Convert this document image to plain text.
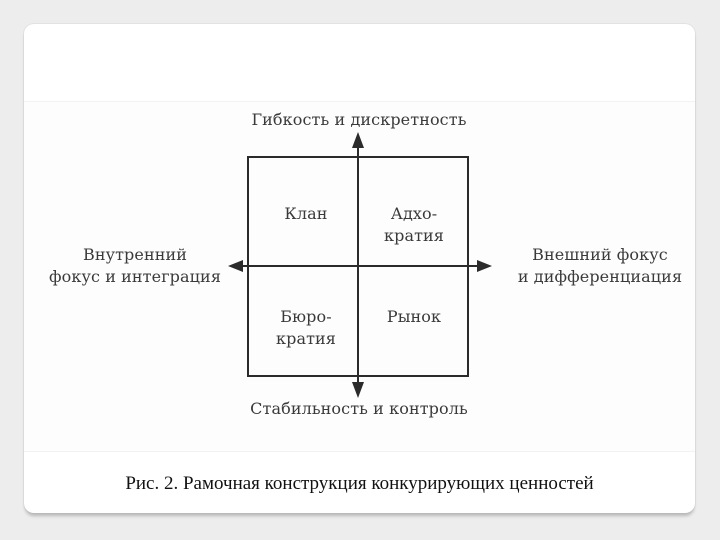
Гибкость и дискретность
Стабильность и контроль
Внутренний
фокус и интеграция
Внешний фокус
и дифференциация
Клан	Адхо-
кратия
Бюро-
кратия
Рынок
Рис. 2. Рамочная конструкция конкурирующих ценностей
